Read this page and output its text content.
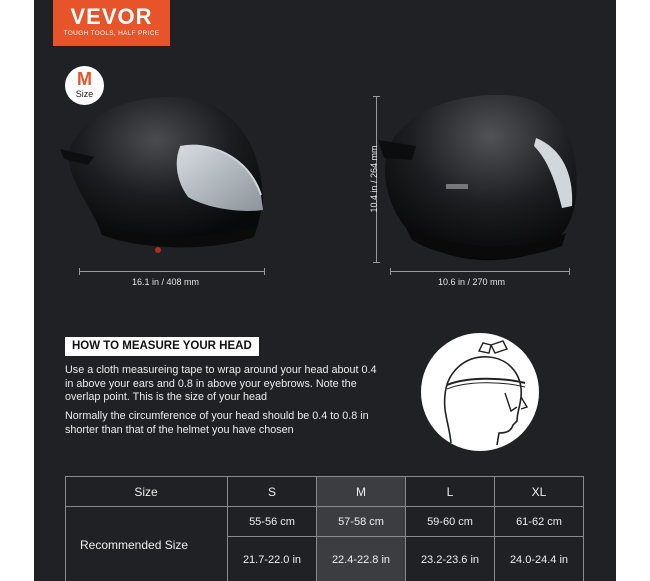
VEVOR
TOUGH TOOLS, HALF PRICE
M
Size
16.1 in / 408 mm
10.4 in / 264 mm
10.6 in / 270 mm
HOW TO MEASURE YOUR HEAD
Use a cloth measureing tape to wrap around your head about 0.4 in above your ears and 0.8 in above your eyebrows. Note the overlap point. This is the size of your head
Normally the circumference of your head should be 0.4 to 0.8 in shorter than that of the helmet you have chosen
Size	S	M	L	XL
Recommended Size	55-56 cm	57-58 cm	59-60 cm	61-62 cm
	21.7-22.0 in	22.4-22.8 in	23.2-23.6 in	24.0-24.4 in
